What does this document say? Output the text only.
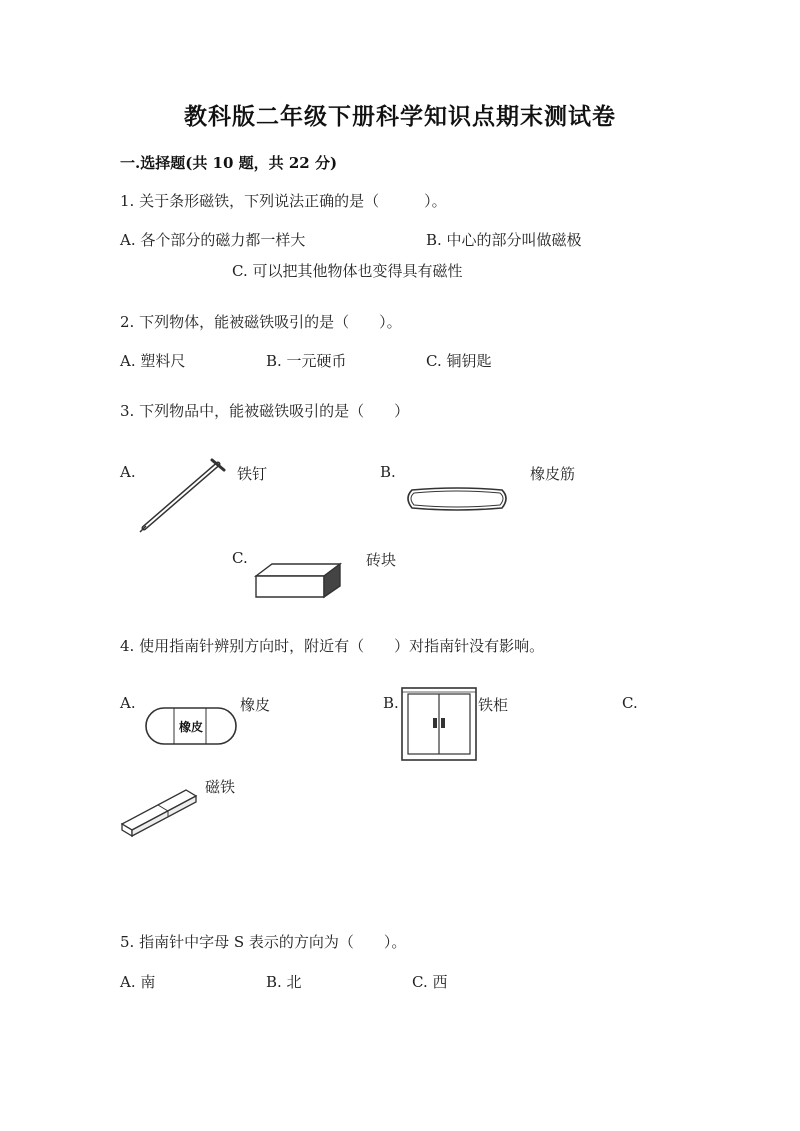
教科版二年级下册科学知识点期末测试卷
一.选择题(共 10 题，共 22 分)
1. 关于条形磁铁，下列说法正确的是（　　　）。
A. 各个部分的磁力都一样大	B. 中心的部分叫做磁极
C. 可以把其他物体也变得具有磁性
2. 下列物体，能被磁铁吸引的是（　　）。
A. 塑料尺	B. 一元硬币	C. 铜钥匙
3. 下列物品中，能被磁铁吸引的是（　　）
A.	铁钉	B.	橡皮筋
C.	砖块
4. 使用指南针辨别方向时，附近有（　　）对指南针没有影响。
A.
橡皮
橡皮	B.	铁柜	C.
磁铁
5. 指南针中字母 S 表示的方向为（　　）。
A. 南	B. 北	C. 西
